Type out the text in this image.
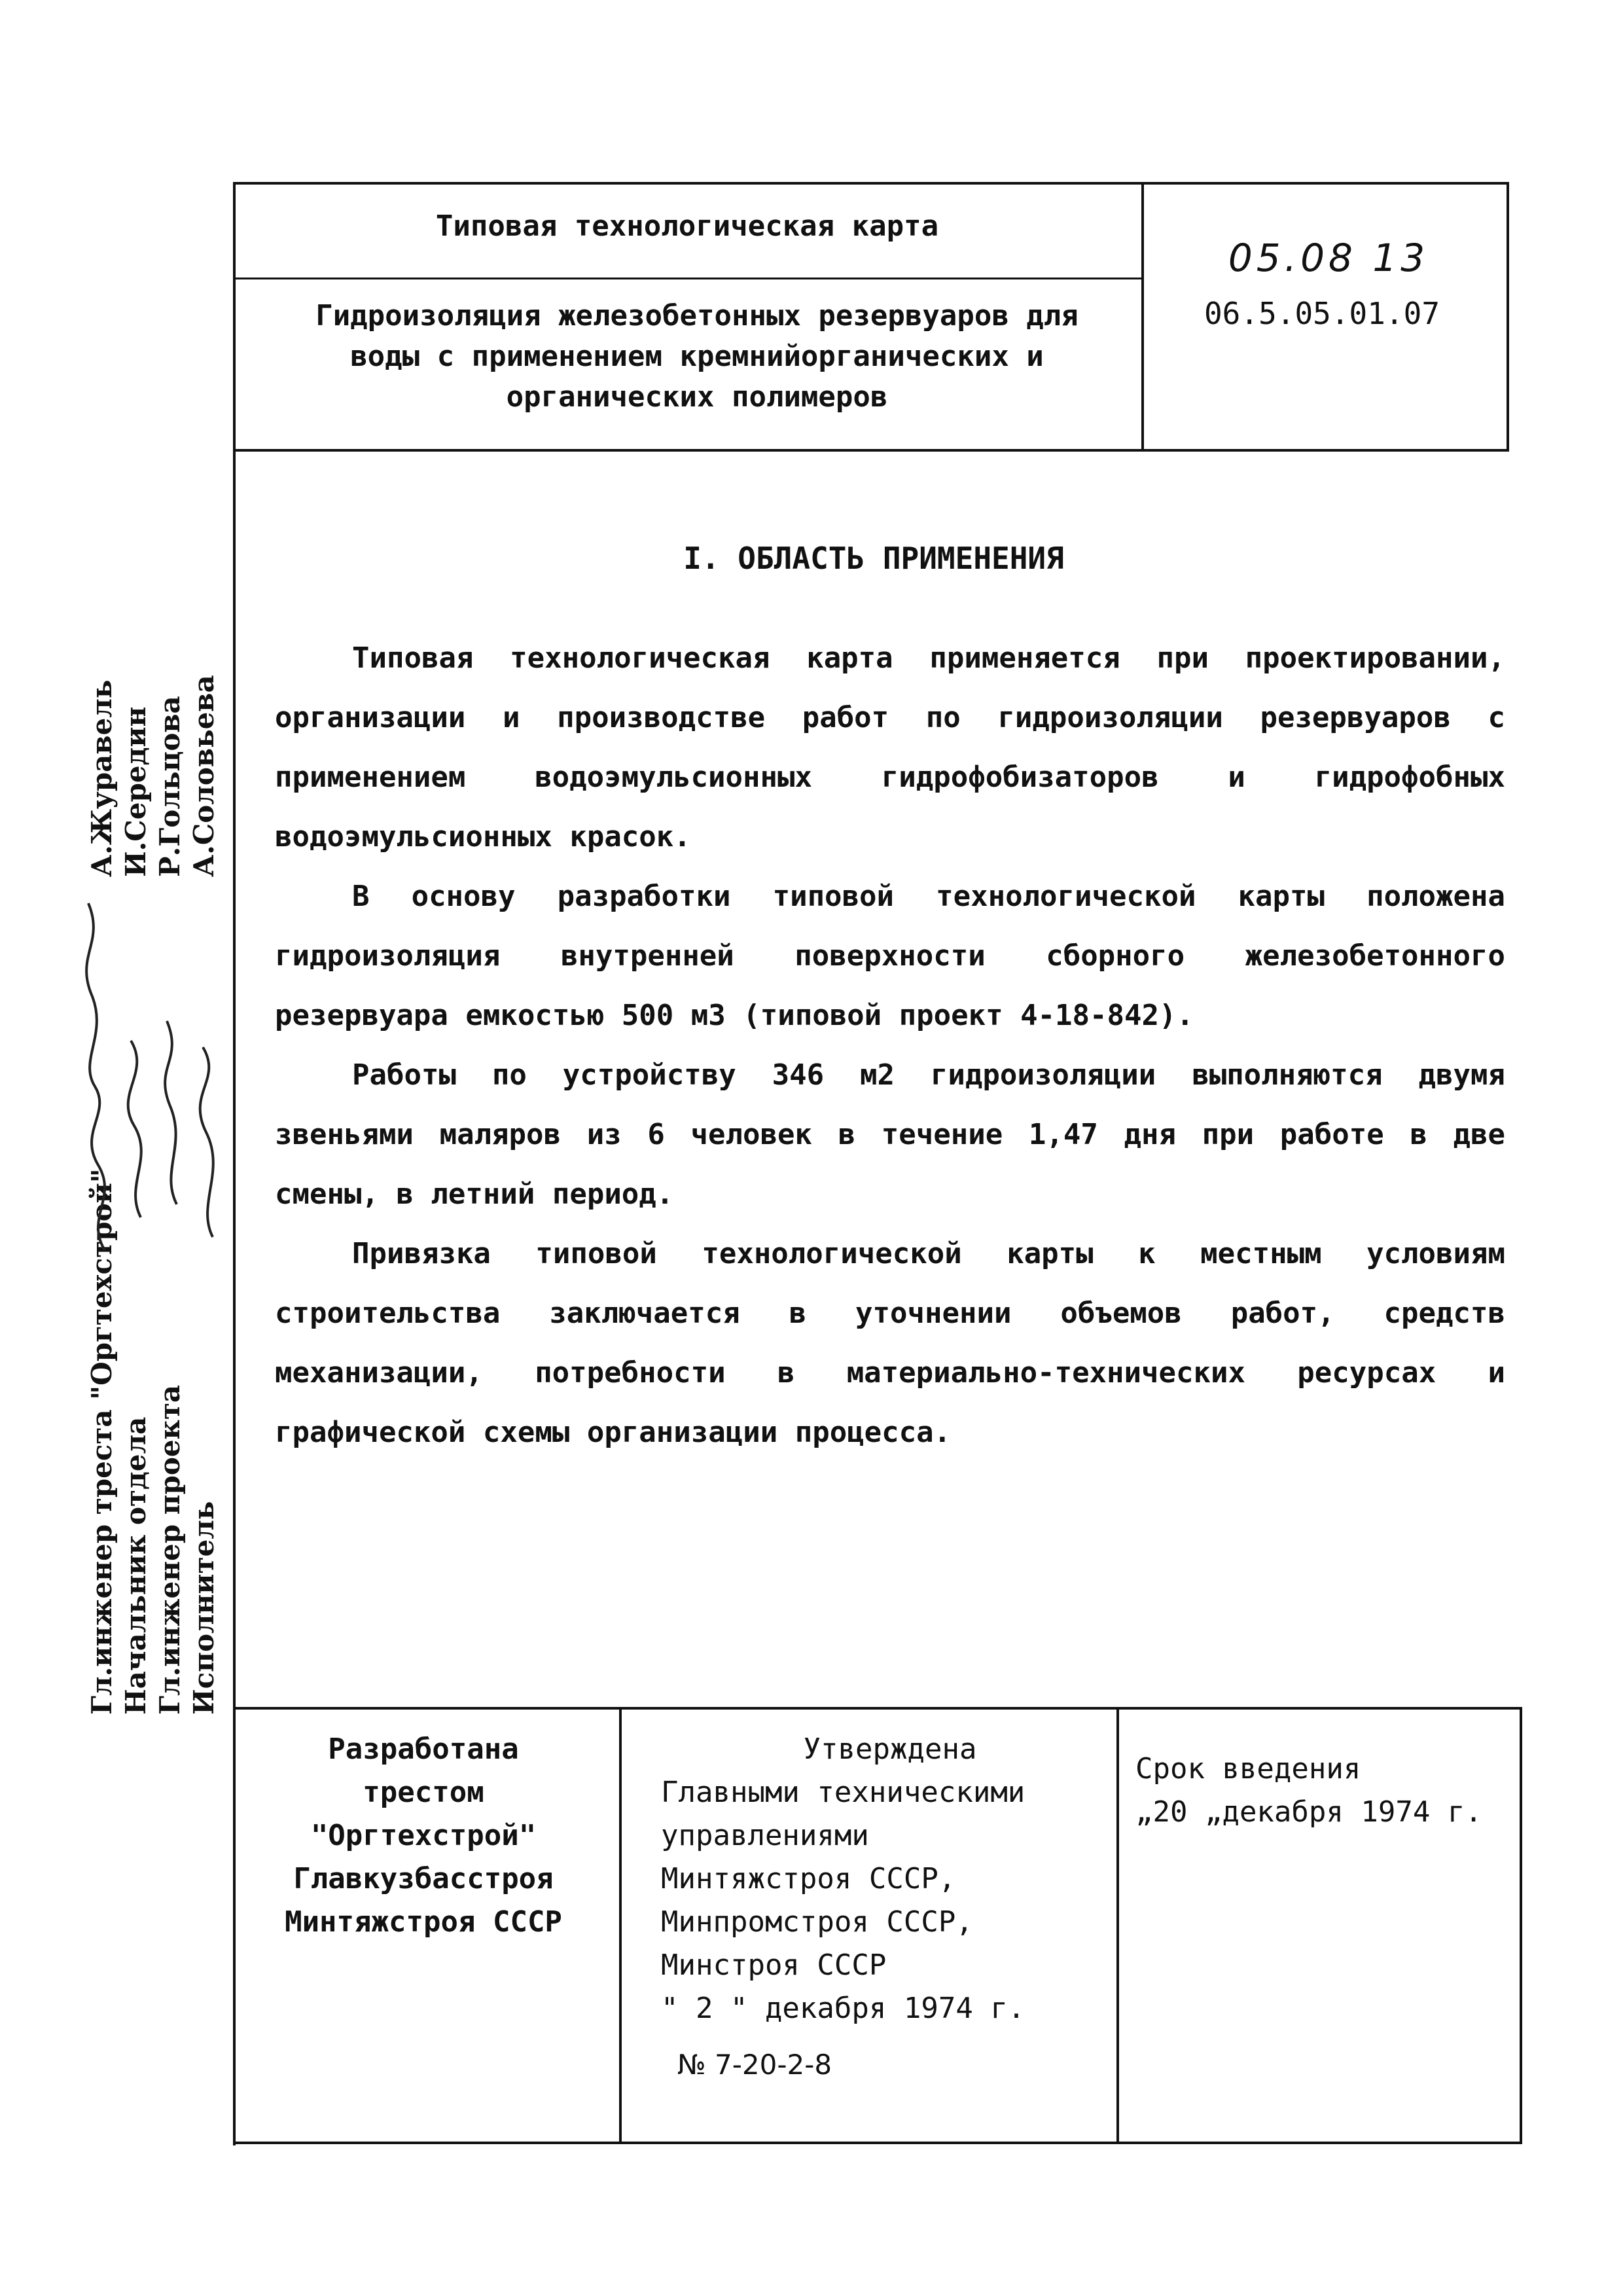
Типовая технологическая карта
Гидроизоляция железобетонных резервуаров для
воды с применением кремнийорганических и
органических полимеров
05.08 13
06.5.05.01.07
I. ОБЛАСТЬ ПРИМЕНЕНИЯ

Типовая технологическая карта применяется при проектировании, организации и производстве работ по гидроизоляции резервуаров с применением водоэмульсионных гидрофобизаторов и гидрофобных водоэмульсионных красок.

В основу разработки типовой технологической карты положена гидроизоляция внутренней поверхности сборного железобетонного резервуара емкостью 500 м3 (типовой проект 4-18-842).

Работы по устройству 346 м2 гидроизоляции выполняются двумя звеньями маляров из 6 человек в течение 1,47 дня при работе в две смены, в летний период.

Привязка типовой технологической карты к местным условиям строительства заключается в уточнении объемов работ, средств механизации, потребности в материально-технических ресурсах и графической схемы организации процесса.

Гл.инженер треста "Оргтехстрой"
А.Журавель
Начальник отдела
И.Середин
Гл.инженер проекта
Р.Гольцова
Исполнитель
А.Соловьева
Разработана
трестом
"Оргтехстрой"
Главкузбасстроя
Минтяжстроя СССР
Утверждена
Главными техническими
управлениями
Минтяжстроя СССР,
Минпромстроя СССР,
Минстроя СССР
" 2 " декабря 1974 г.
№ 7-20-2-8
Срок введения
„20 „декабря 1974 г.
